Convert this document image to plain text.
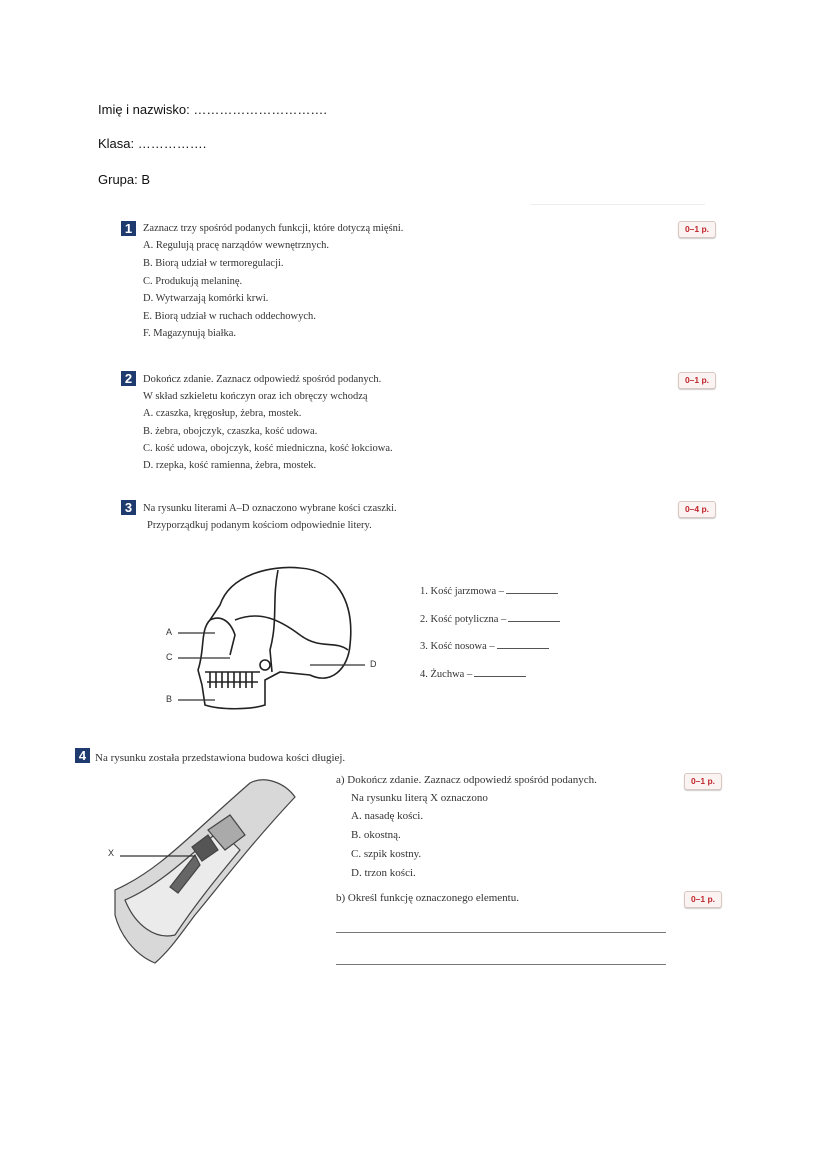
Imię i nazwisko: ………………………….
Klasa: …………….
Grupa: B
1	Zaznacz trzy spośród podanych funkcji, które dotyczą mięśni.	0–1 p.
A. Regulują pracę narządów wewnętrznych.
B. Biorą udział w termoregulacji.
C. Produkują melaninę.
D. Wytwarzają komórki krwi.
E. Biorą udział w ruchach oddechowych.
F. Magazynują białka.
2	Dokończ zdanie. Zaznacz odpowiedź spośród podanych.	0–1 p.
W skład szkieletu kończyn oraz ich obręczy wchodzą
A. czaszka, kręgosłup, żebra, mostek.
B. żebra, obojczyk, czaszka, kość udowa.
C. kość udowa, obojczyk, kość miedniczna, kość łokciowa.
D. rzepka, kość ramienna, żebra, mostek.
3	Na rysunku literami A–D oznaczono wybrane kości czaszki.
Przyporządkuj podanym kościom odpowiednie litery.
0–4 p.
A
C
B
D
1. Kość jarzmowa –
2. Kość potyliczna –
3. Kość nosowa –
4. Żuchwa –
4 Na rysunku została przedstawiona budowa kości długiej.
X
a) Dokończ zdanie. Zaznacz odpowiedź spośród podanych.	0–1 p.
Na rysunku literą X oznaczono
A. nasadę kości.
B. okostną.
C. szpik kostny.
D. trzon kości.
b) Określ funkcję oznaczonego elementu.	0–1 p.
